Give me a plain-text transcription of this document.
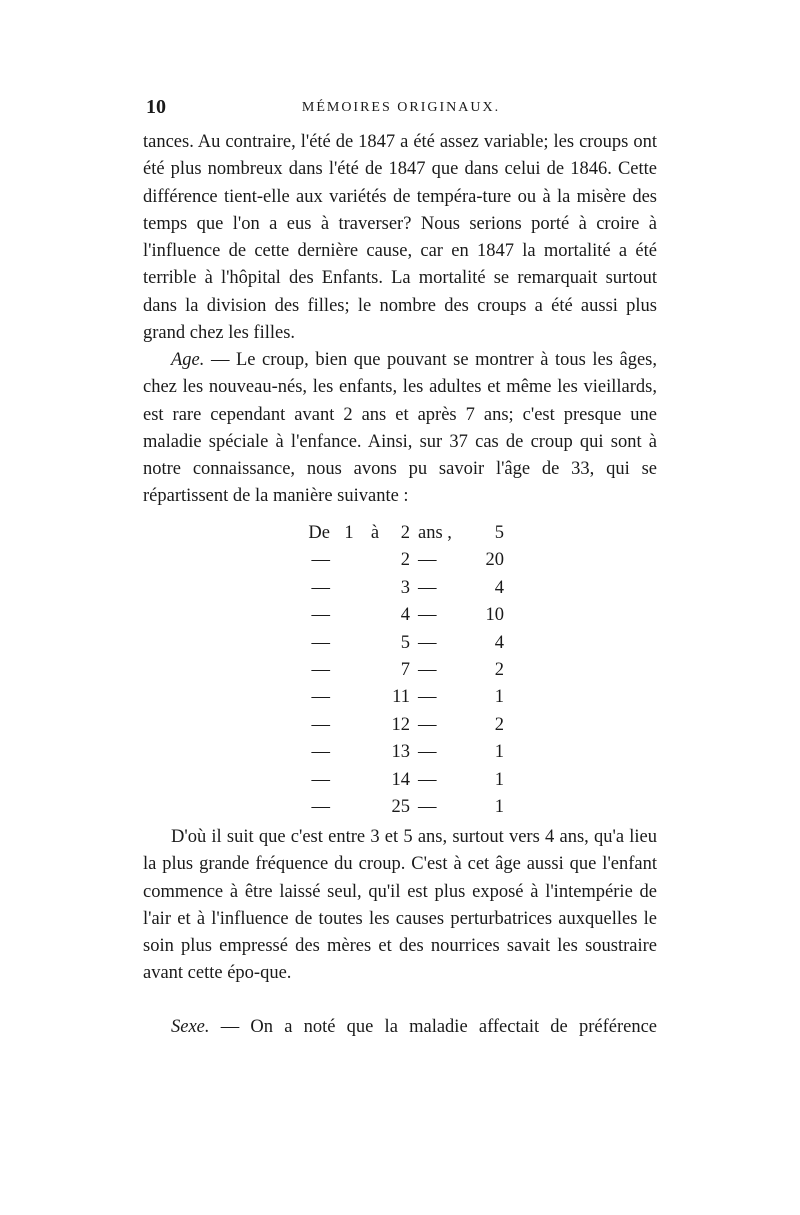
10	MÉMOIRES ORIGINAUX.

tances. Au contraire, l'été de 1847 a été assez variable; les croups ont été plus nombreux dans l'été de 1847 que dans celui de 1846. Cette différence tient-elle aux variétés de tempéra-ture ou à la misère des temps que l'on a eus à traverser? Nous serions porté à croire à l'influence de cette dernière cause, car en 1847 la mortalité a été terrible à l'hôpital des Enfants. La mortalité se remarquait surtout dans la division des filles; le nombre des croups a été aussi plus grand chez les filles.

Age. — Le croup, bien que pouvant se montrer à tous les âges, chez les nouveau-nés, les enfants, les adultes et même les vieillards, est rare cependant avant 2 ans et après 7 ans; c'est presque une maladie spéciale à l'enfance. Ainsi, sur 37 cas de croup qui sont à notre connaissance, nous avons pu savoir l'âge de 33, qui se répartissent de la manière suivante :

De	1	à	2	ans ,	5
—			2	—	20
—			3	—	4
—			4	—	10
—			5	—	4
—			7	—	2
—			11	—	1
—			12	—	2
—			13	—	1
—			14	—	1
—			25	—	1

D'où il suit que c'est entre 3 et 5 ans, surtout vers 4 ans, qu'a lieu la plus grande fréquence du croup. C'est à cet âge aussi que l'enfant commence à être laissé seul, qu'il est plus exposé à l'intempérie de l'air et à l'influence de toutes les causes perturbatrices auxquelles le soin plus empressé des mères et des nourrices savait les soustraire avant cette épo-que.

Sexe. — On a noté que la maladie affectait de préférence
